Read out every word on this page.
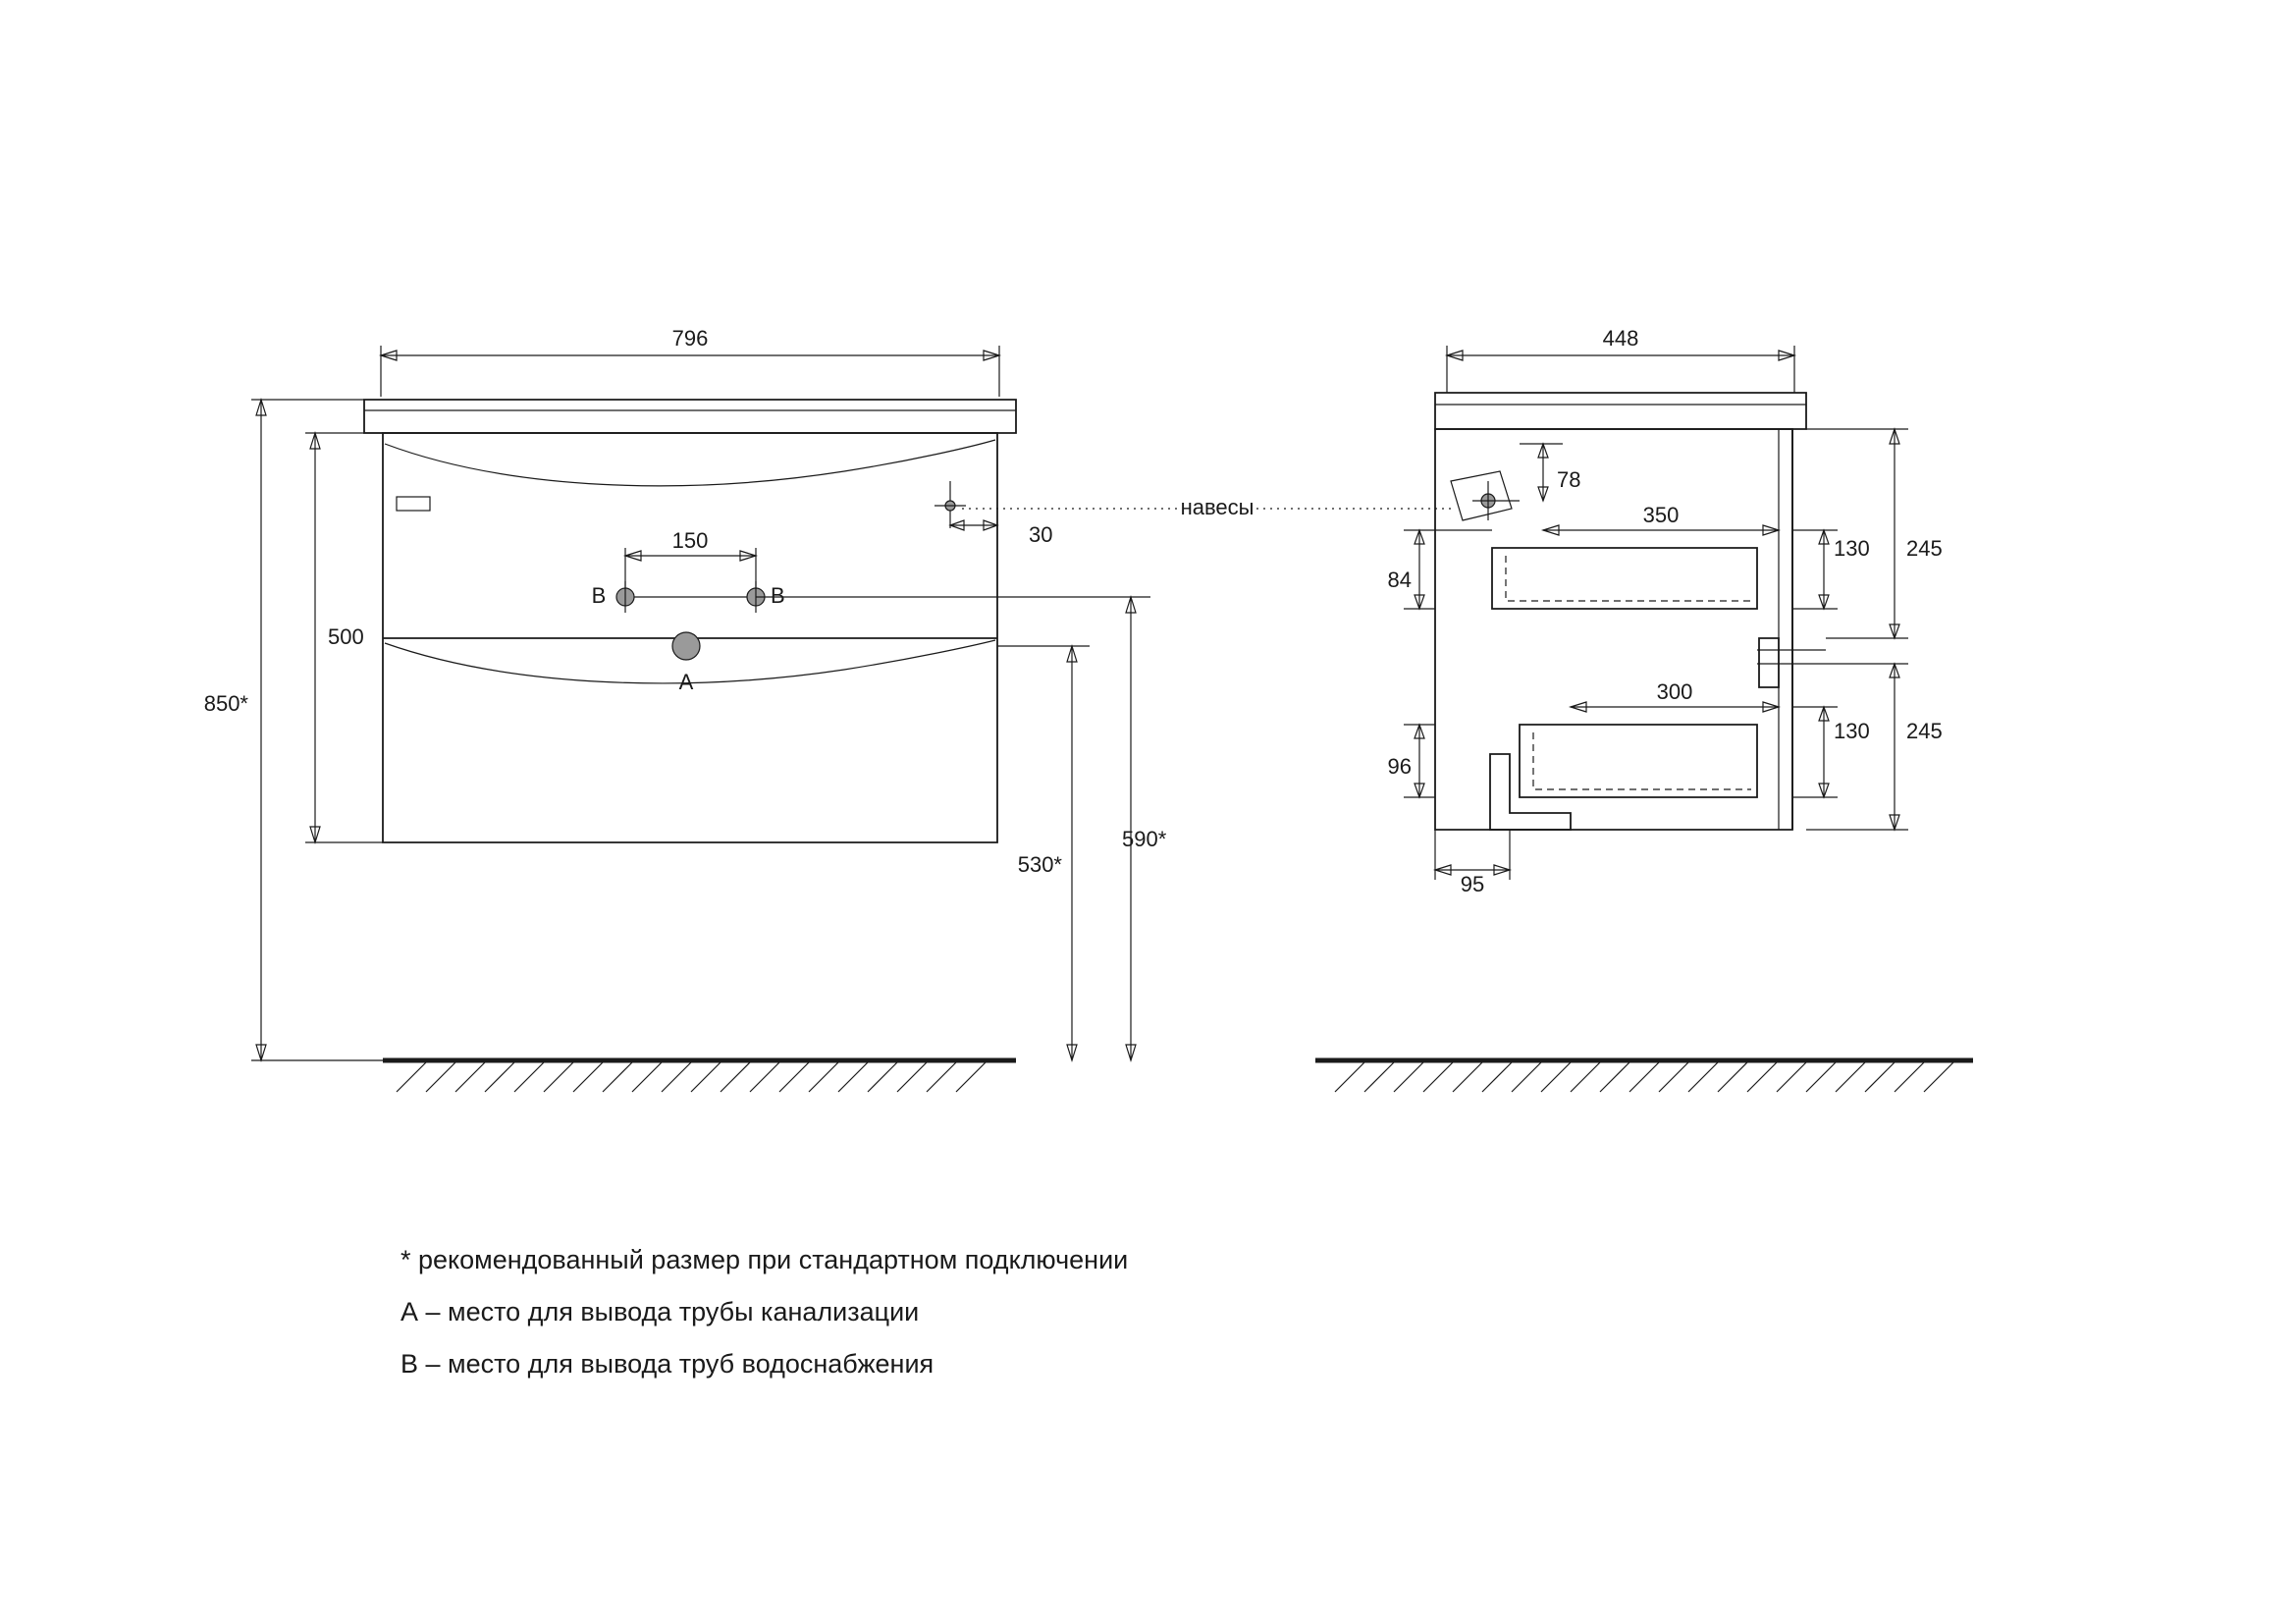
B	B
A
796
500
850*
150	30
530*
590*
навесы
448
78
350
130 245
84
300
130 245
96
95
* рекомендованный размер при стандартном подключении
А – место для вывода трубы канализации
В – место для вывода труб водоснабжения
